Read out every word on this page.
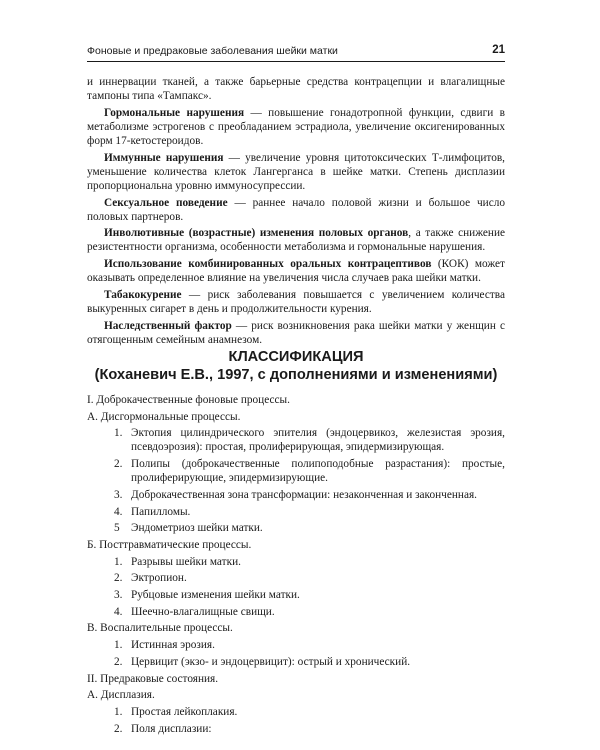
Фоновые и предраковые заболевания шейки матки	21

и иннервации тканей, а также барьерные средства контрацепции и влагалищные тампоны типа «Тампакс».

Гормональные нарушения — повышение гонадотропной функции, сдвиги в метаболизме эстрогенов с преобладанием эстрадиола, увеличение оксигенированных форм 17-кетостероидов.

Иммунные нарушения — увеличение уровня цитотоксических Т-лимфоцитов, уменьшение количества клеток Лангерганса в шейке матки. Степень дисплазии пропорциональна уровню иммуносупрессии.

Сексуальное поведение — раннее начало половой жизни и большое число половых партнеров.

Инволютивные (возрастные) изменения половых органов, а также снижение резистентности организма, особенности метаболизма и гормональные нарушения.

Использование комбинированных оральных контрацептивов (КОК) может оказывать определенное влияние на увеличения числа случаев рака шейки матки.

Табакокурение — риск заболевания повышается с увеличением количества выкуренных сигарет в день и продолжительности курения.

Наследственный фактор — риск возникновения рака шейки матки у женщин с отягощенным семейным анамнезом.

КЛАССИФИКАЦИЯ
(Коханевич Е.В., 1997, с дополнениями и изменениями)
I. Доброкачественные фоновые процессы.
А. Дисгормональные процессы.
1. Эктопия цилиндрического эпителия (эндоцервикоз, железистая эрозия, псевдоэрозия): простая, пролиферирующая, эпидермизирующая.
2. Полипы (доброкачественные полипоподобные разрастания): простые, пролиферирующие, эпидермизирующие.
3. Доброкачественная зона трансформации: незаконченная и законченная.
4. Папилломы.
5 Эндометриоз шейки матки.
Б. Посттравматические процессы.
1. Разрывы шейки матки.
2. Эктропион.
3. Рубцовые изменения шейки матки.
4. Шеечно-влагалищные свищи.
В. Воспалительные процессы.
1. Истинная эрозия.
2. Цервицит (экзо- и эндоцервицит): острый и хронический.
II. Предраковые состояния.
А. Дисплазия.
1. Простая лейкоплакия.
2. Поля дисплазии:
